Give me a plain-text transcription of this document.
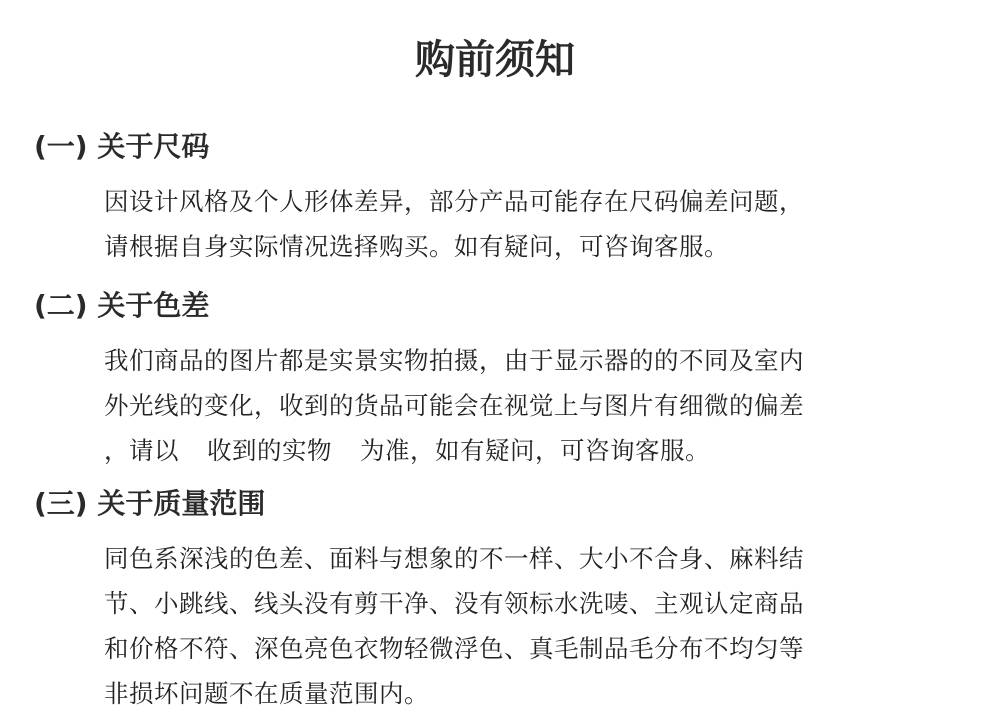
购前须知
(一) 关于尺码
因设计风格及个人形体差异，部分产品可能存在尺码偏差问题，
请根据自身实际情况选择购买。如有疑问，可咨询客服。
(二) 关于色差
我们商品的图片都是实景实物拍摄，由于显示器的的不同及室内
外光线的变化，收到的货品可能会在视觉上与图片有细微的偏差
，请以 收到的实物 为准，如有疑问，可咨询客服。
(三) 关于质量范围
同色系深浅的色差、面料与想象的不一样、大小不合身、麻料结
节、小跳线、线头没有剪干净、没有领标水洗唛、主观认定商品
和价格不符、深色亮色衣物轻微浮色、真毛制品毛分布不均匀等
非损坏问题不在质量范围内。
